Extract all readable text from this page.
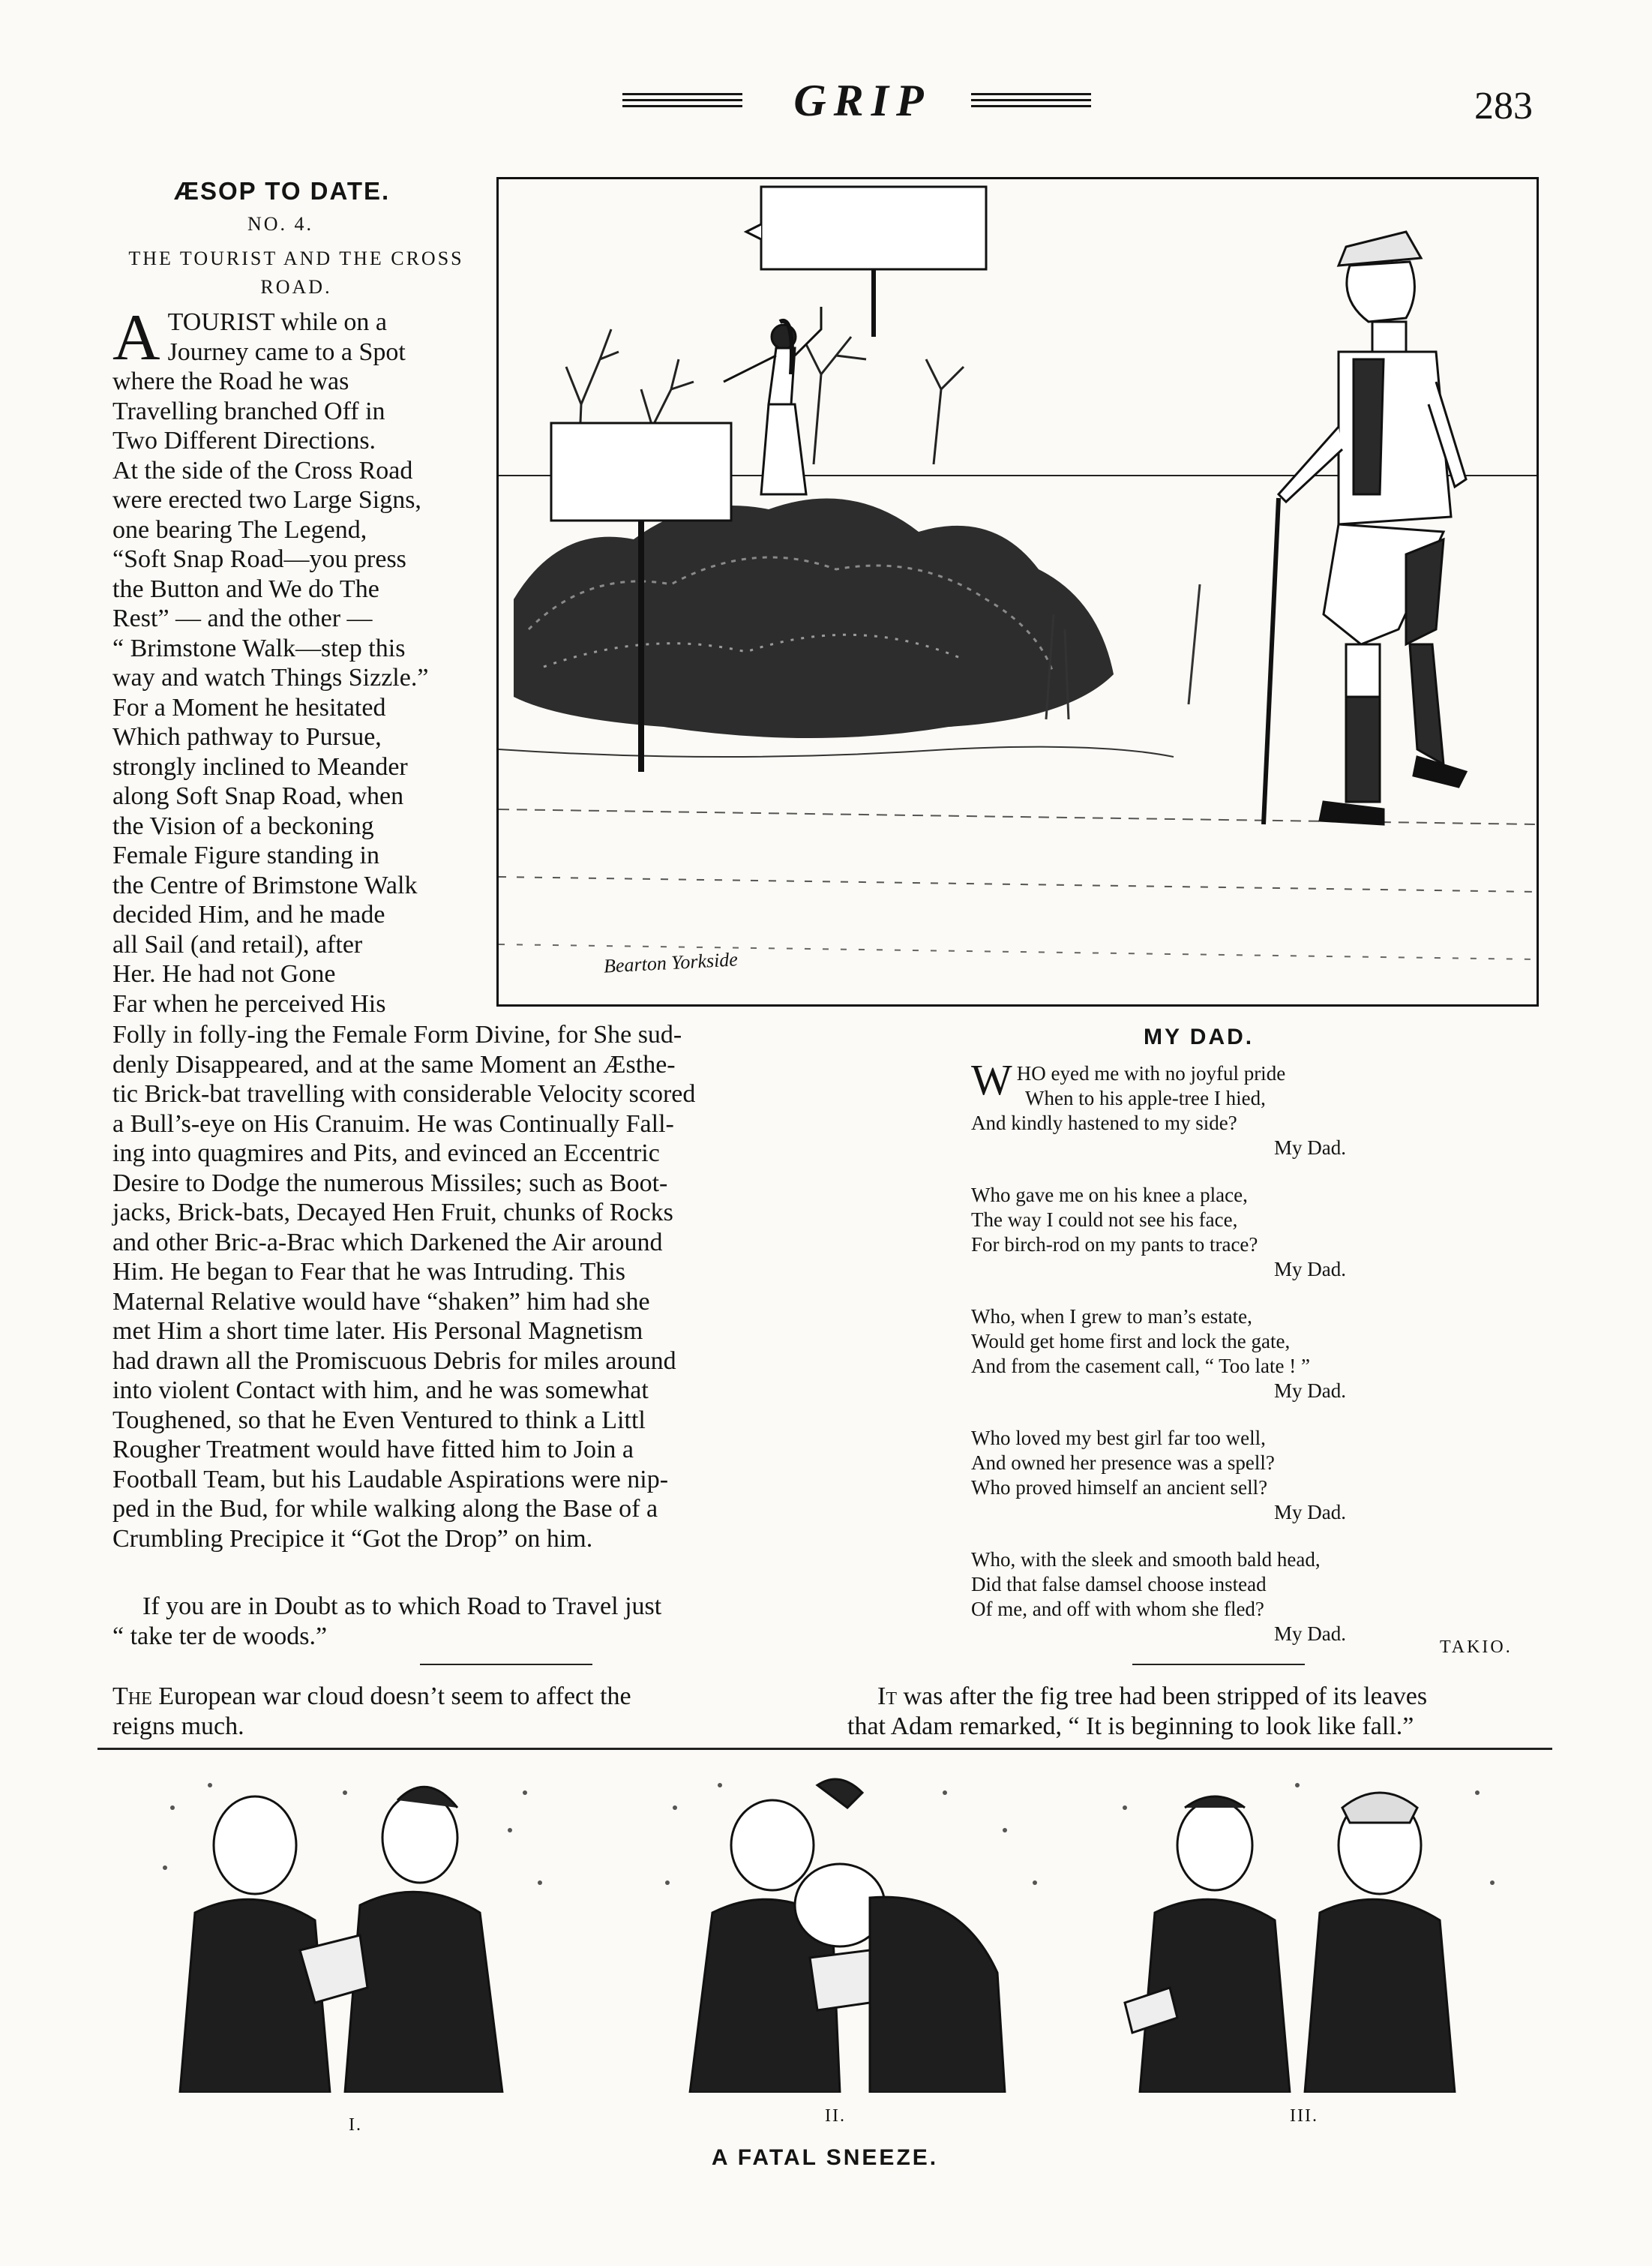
GRIP	283
ÆSOP TO DATE.
NO. 4.
THE TOURIST AND THE CROSS ROAD.
A TOURIST while on a
Journey came to a Spot
where the Road he was
Travelling branched Off in
Two Different Directions.
At the side of the Cross Road
were erected two Large Signs,
one bearing The Legend,
“Soft Snap Road—you press
the Button and We do The
Rest” — and the other —
“ Brimstone Walk—step this
way and watch Things Sizzle.”
For a Moment he hesitated
Which pathway to Pursue,
strongly inclined to Meander
along Soft Snap Road, when
the Vision of a beckoning
Female Figure standing in
the Centre of Brimstone Walk
decided Him, and he made
all Sail (and retail), after
Her. He had not Gone
Far when he perceived His
Bearton Yorkside
Folly in folly-ing the Female Form Divine, for She sud-
denly Disappeared, and at the same Moment an Æsthe-
tic Brick-bat travelling with considerable Velocity scored
a Bull’s-eye on His Cranuim. He was Continually Fall-
ing into quagmires and Pits, and evinced an Eccentric
Desire to Dodge the numerous Missiles; such as Boot-
jacks, Brick-bats, Decayed Hen Fruit, chunks of Rocks
and other Bric-a-Brac which Darkened the Air around
Him. He began to Fear that he was Intruding. This
Maternal Relative would have “shaken” him had she
met Him a short time later. His Personal Magnetism
had drawn all the Promiscuous Debris for miles around
into violent Contact with him, and he was somewhat
Toughened, so that he Even Ventured to think a Littl
Rougher Treatment would have fitted him to Join a
Football Team, but his Laudable Aspirations were nip-
ped in the Bud, for while walking along the Base of a
Crumbling Precipice it “Got the Drop” on him.
If you are in Doubt as to which Road to Travel just
“ take ter de woods.”
MY DAD.
WHO eyed me with no joyful pride
When to his apple-tree I hied,
And kindly hastened to my side?
My Dad.
Who gave me on his knee a place,
The way I could not see his face,
For birch-rod on my pants to trace?
My Dad.
Who, when I grew to man’s estate,
Would get home first and lock the gate,
And from the casement call, “ Too late ! ”
My Dad.
Who loved my best girl far too well,
And owned her presence was a spell?
Who proved himself an ancient sell?
My Dad.
Who, with the sleek and smooth bald head,
Did that false damsel choose instead
Of me, and off with whom she fled?
My Dad.
TAKIO.
The European war cloud doesn’t seem to affect the
reigns much.
It was after the fig tree had been stripped of its leaves
that Adam remarked, “ It is beginning to look like fall.”
I.	II.	III.
A FATAL SNEEZE.
